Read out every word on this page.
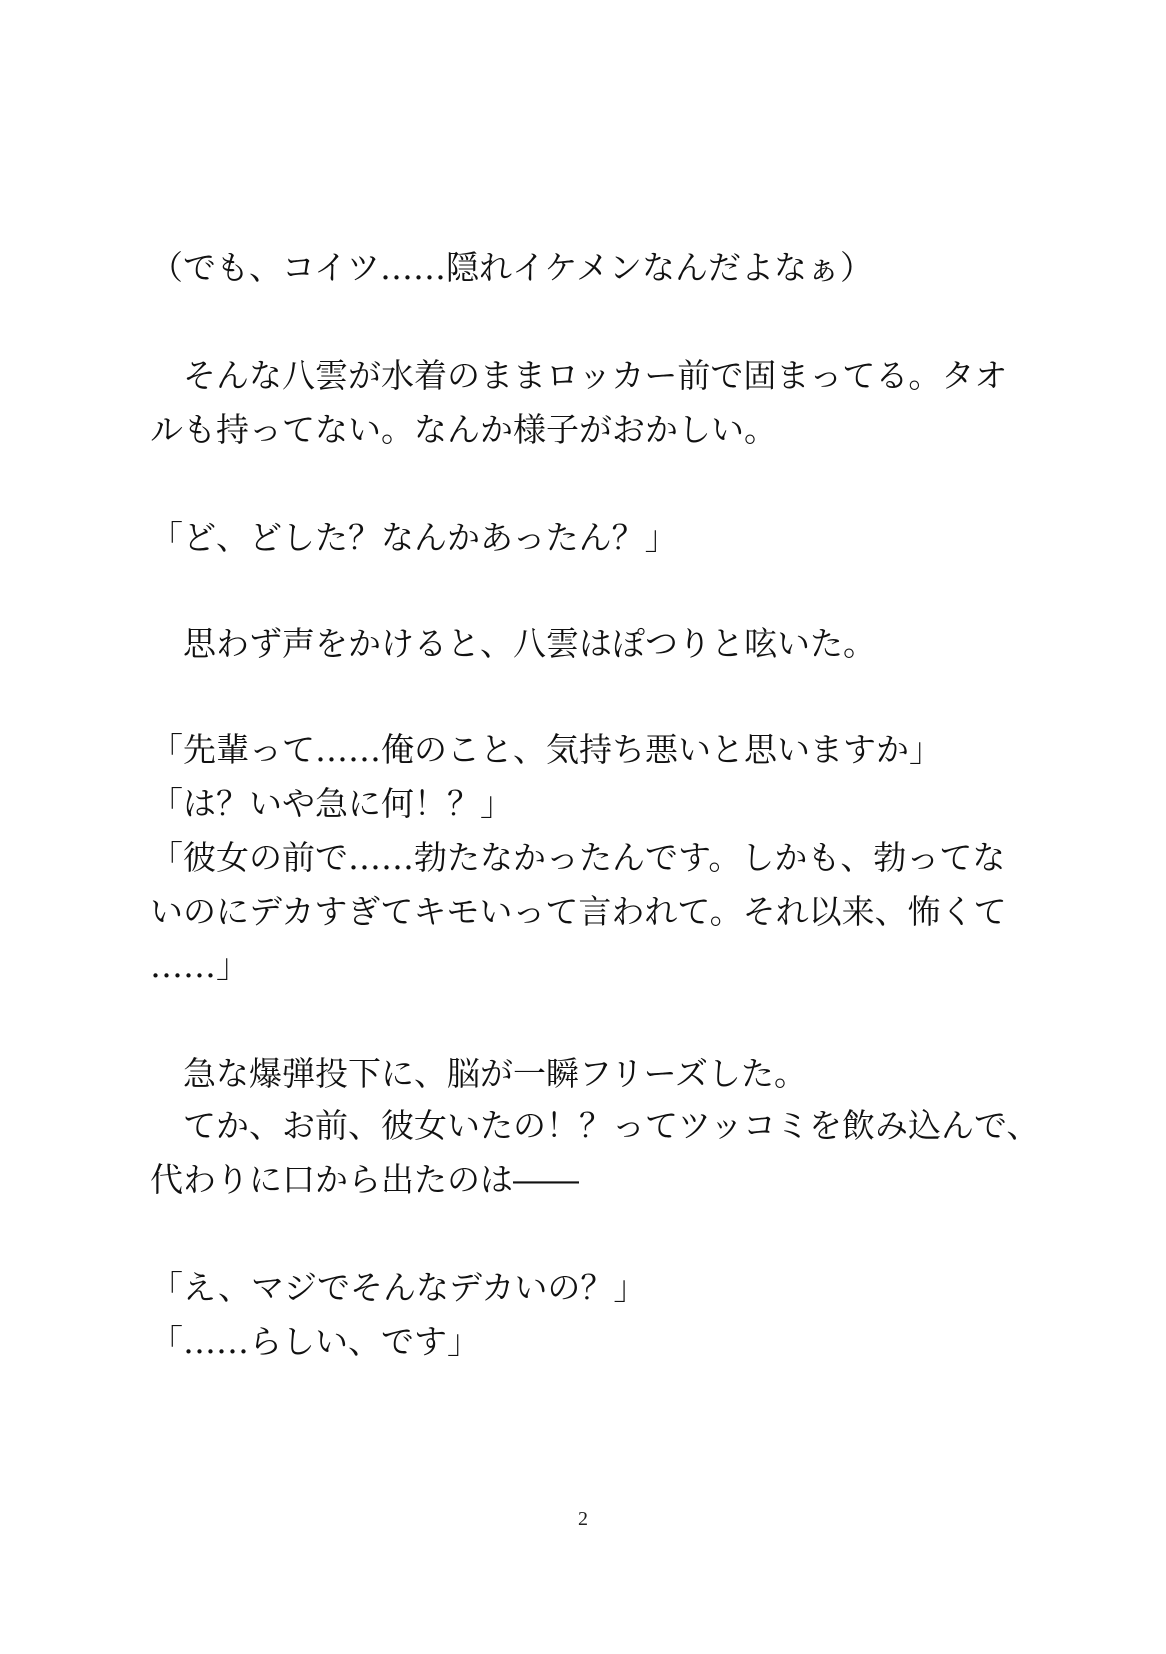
（でも、コイツ……隠れイケメンなんだよなぁ）

　そんな八雲が水着のままロッカー前で固まってる。タオ

ルも持ってない。なんか様子がおかしい。

「ど、どした？なんかあったん？」

　思わず声をかけると、八雲はぽつりと呟いた。

「先輩って……俺のこと、気持ち悪いと思いますか」

「は？いや急に何！？」

「彼女の前で……勃たなかったんです。しかも、勃ってな

いのにデカすぎてキモいって言われて。それ以来、怖くて

……」

　急な爆弾投下に、脳が一瞬フリーズした。

　てか、お前、彼女いたの！？ってツッコミを飲み込んで、

代わりに口から出たのは――

「え、マジでそんなデカいの？」

「……らしい、です」

2
